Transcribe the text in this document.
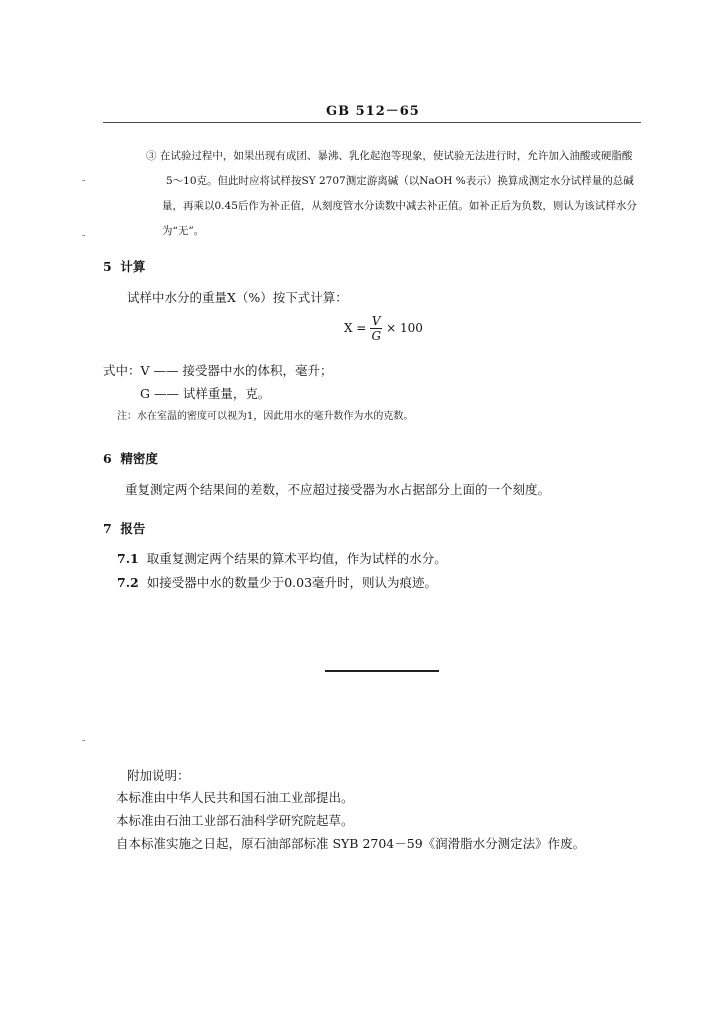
GB 512－65
③ 在试验过程中，如果出现有成团、暴沸、乳化起泡等现象，使试验无法进行时，允许加入油酸或硬脂酸
5～10克。但此时应将试样按SY 2707测定游离碱（以NaOH %表示）换算成测定水分试样量的总碱
量，再乘以0.45后作为补正值，从刻度管水分读数中减去补正值。如补正后为负数，则认为该试样水分
为“无”。
5 计算
试样中水分的重量X（%）按下式计算：
$X = \frac{V}{G} \times 100$
式中：V —— 接受器中水的体积，毫升；
G —— 试样重量，克。
注：水在室温的密度可以视为1，因此用水的毫升数作为水的克数。
6 精密度
重复测定两个结果间的差数，不应超过接受器为水占据部分上面的一个刻度。
7 报告
7.1 取重复测定两个结果的算术平均值，作为试样的水分。
7.2 如接受器中水的数量少于0.03毫升时，则认为痕迹。
附加说明：
本标准由中华人民共和国石油工业部提出。
本标准由石油工业部石油科学研究院起草。
自本标准实施之日起，原石油部部标准 SYB 2704－59《润滑脂水分测定法》作废。
